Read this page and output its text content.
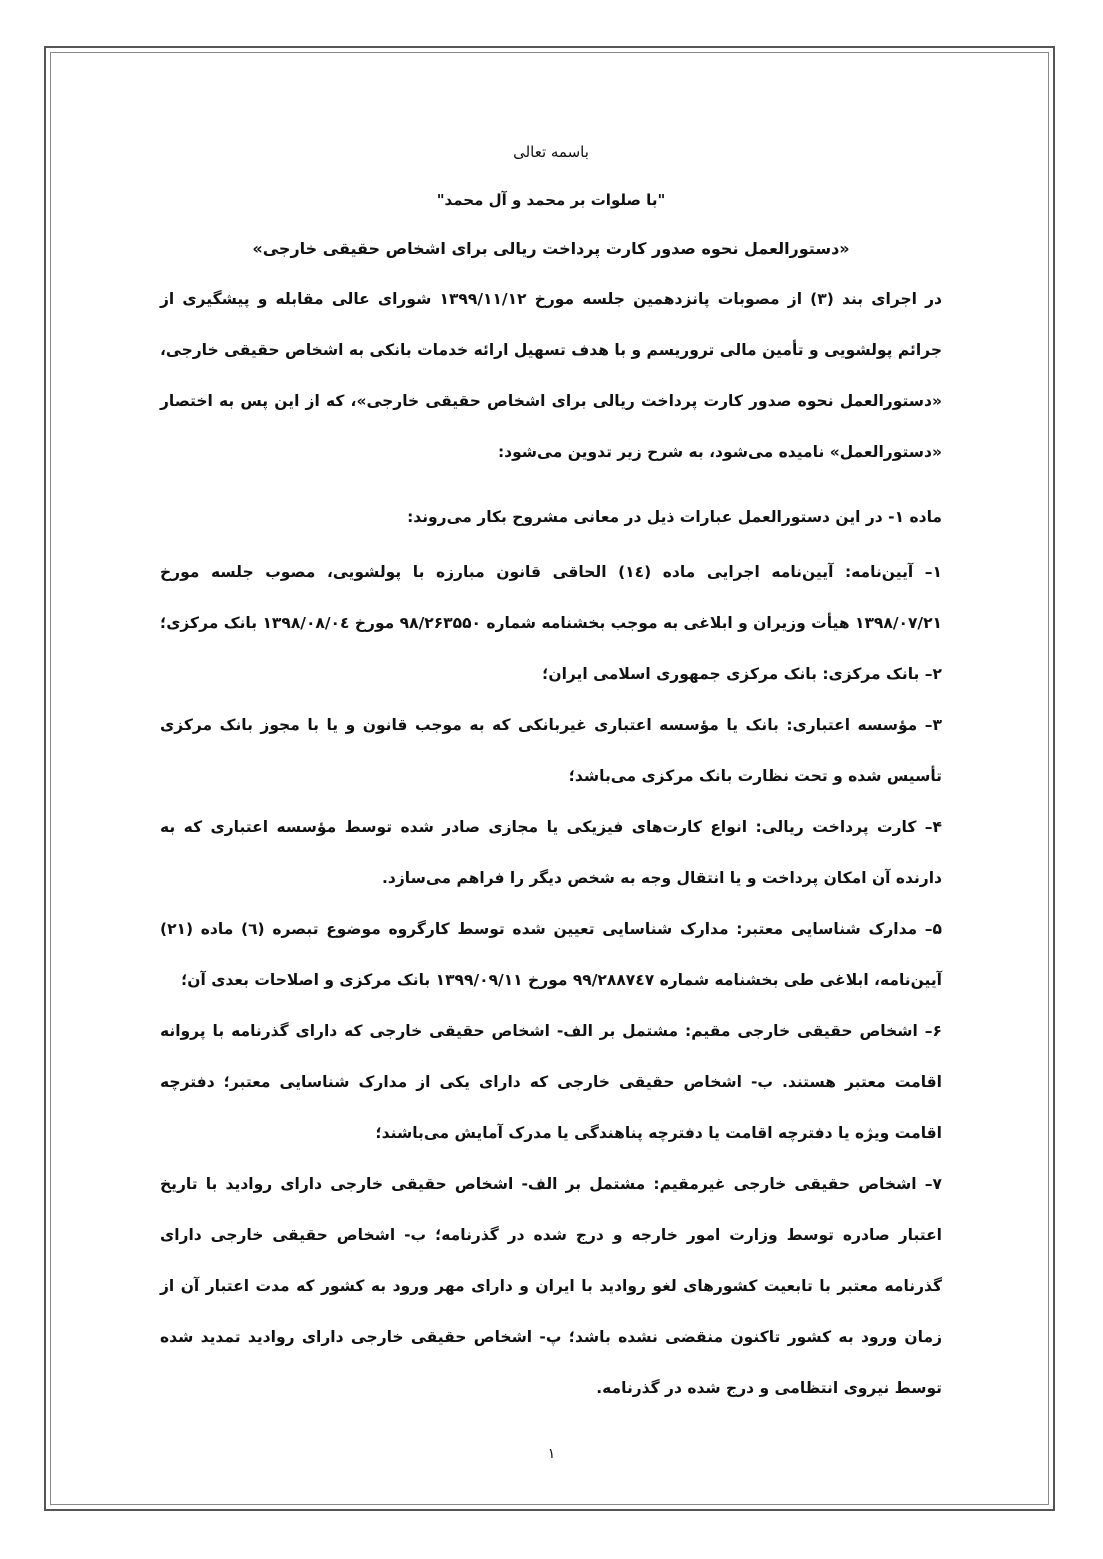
باسمه تعالی
"با صلوات بر محمد و آل محمد"
«دستورالعمل نحوه صدور کارت پرداخت ریالی برای اشخاص حقیقی خارجی»

در اجرای بند (۳) از مصوبات پانزدهمین جلسه مورخ ۱۳۹۹/۱۱/۱۲ شورای عالی مقابله و پیشگیری از جرائم پولشویی و تأمین مالی تروریسم و با هدف تسهیل ارائه خدمات بانکی به اشخاص حقیقی خارجی، «دستورالعمل نحوه صدور کارت پرداخت ریالی برای اشخاص حقیقی خارجی»، که از این پس به اختصار «دستورالعمل» نامیده می‌شود، به شرح زیر تدوین می‌شود:

ماده ۱- در این دستورالعمل عبارات ذیل در معانی مشروح بکار می‌روند:

۱– آیین‌نامه: آیین‌نامه اجرایی ماده (۱٤) الحاقی قانون مبارزه با پولشویی، مصوب جلسه مورخ ۱۳۹۸/۰۷/۲۱ هیأت وزیران و ابلاغی به موجب بخشنامه شماره ۹۸/۲۶۳۵۵۰ مورخ ۱۳۹۸/۰۸/۰٤ بانک مرکزی؛

۲– بانک مرکزی: بانک مرکزی جمهوری اسلامی ایران؛

۳– مؤسسه اعتباری: بانک یا مؤسسه اعتباری غیربانکی که به موجب قانون و یا با مجوز بانک مرکزی تأسیس شده و تحت نظارت بانک مرکزی می‌باشد؛

۴– کارت پرداخت ریالی: انواع کارت‌های فیزیکی یا مجازی صادر شده توسط مؤسسه اعتباری که به دارنده آن امکان پرداخت و یا انتقال وجه به شخص دیگر را فراهم می‌سازد.

۵– مدارک شناسایی معتبر: مدارک شناسایی تعیین شده توسط کارگروه موضوع تبصره (٦) ماده (۲۱) آیین‌نامه، ابلاغی طی بخشنامه شماره ۹۹/۲۸۸۷٤۷ مورخ ۱۳۹۹/۰۹/۱۱ بانک مرکزی و اصلاحات بعدی آن؛

۶– اشخاص حقیقی خارجی مقیم: مشتمل بر الف- اشخاص حقیقی خارجی که دارای گذرنامه با پروانه اقامت معتبر هستند. ب- اشخاص حقیقی خارجی که دارای یکی از مدارک شناسایی معتبر؛ دفترچه اقامت ویژه یا دفترچه اقامت یا دفترچه پناهندگی یا مدرک آمایش می‌باشند؛

۷– اشخاص حقیقی خارجی غیرمقیم: مشتمل بر الف- اشخاص حقیقی خارجی دارای روادید با تاریخ اعتبار صادره توسط وزارت امور خارجه و درج شده در گذرنامه؛ ب- اشخاص حقیقی خارجی دارای گذرنامه معتبر با تابعیت کشورهای لغو روادید با ایران و دارای مهر ورود به کشور که مدت اعتبار آن از زمان ورود به کشور تاکنون منقضی نشده باشد؛ پ- اشخاص حقیقی خارجی دارای روادید تمدید شده توسط نیروی انتظامی و درج شده در گذرنامه.

۱
